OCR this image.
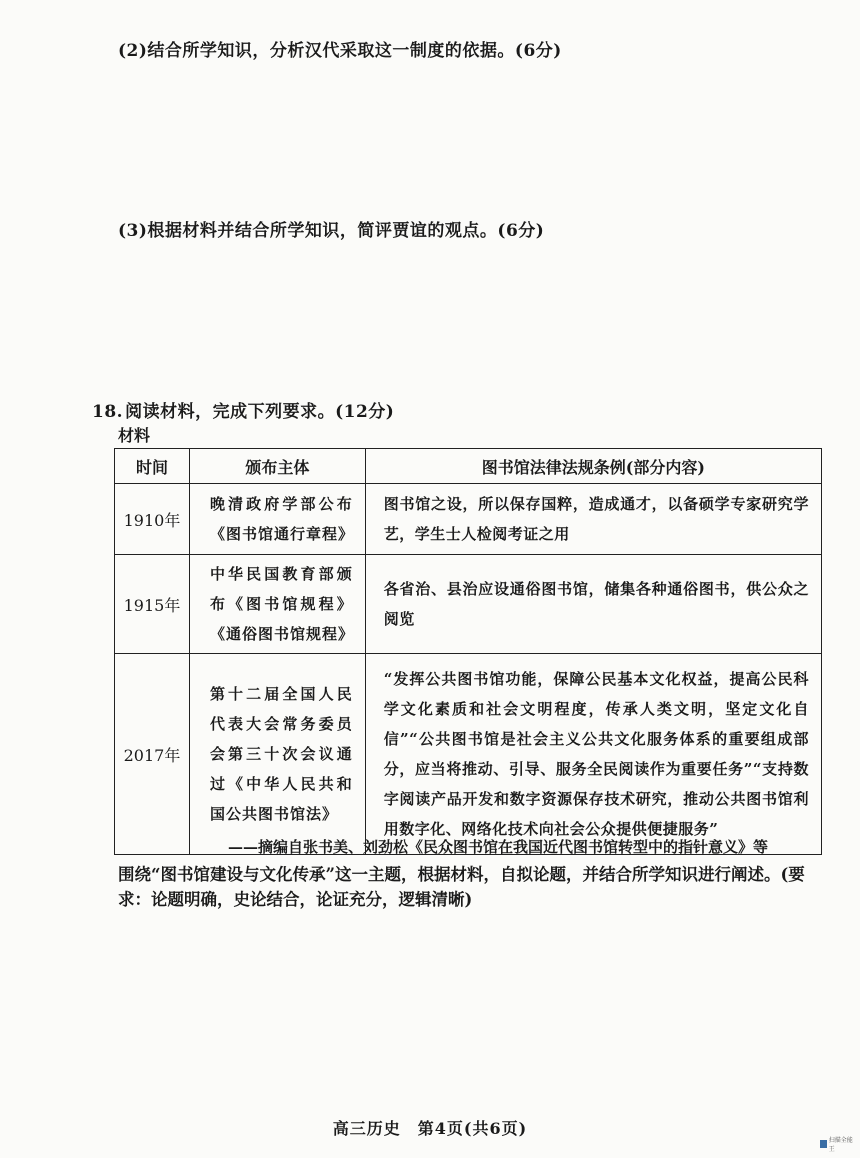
(2)结合所学知识，分析汉代采取这一制度的依据。(6分)
(3)根据材料并结合所学知识，简评贾谊的观点。(6分)
18. 阅读材料，完成下列要求。(12分)
材料
时间	颁布主体	图书馆法律法规条例(部分内容)
1910年	晚清政府学部公布《图书馆通行章程》	图书馆之设，所以保存国粹，造成通才，以备硕学专家研究学艺，学生士人检阅考证之用
1915年	中华民国教育部颁布《图书馆规程》《通俗图书馆规程》	各省治、县治应设通俗图书馆，储集各种通俗图书，供公众之阅览
2017年	第十二届全国人民代表大会常务委员会第三十次会议通过《中华人民共和国公共图书馆法》	“发挥公共图书馆功能，保障公民基本文化权益，提高公民科学文化素质和社会文明程度，传承人类文明，坚定文化自信”“公共图书馆是社会主义公共文化服务体系的重要组成部分，应当将推动、引导、服务全民阅读作为重要任务”“支持数字阅读产品开发和数字资源保存技术研究，推动公共图书馆利用数字化、网络化技术向社会公众提供便捷服务”
——摘编自张书美、刘劲松《民众图书馆在我国近代图书馆转型中的指针意义》等
围绕“图书馆建设与文化传承”这一主题，根据材料，自拟论题，并结合所学知识进行阐述。(要求：论题明确，史论结合，论证充分，逻辑清晰)
高三历史　第4页(共6页)
扫描全能王
